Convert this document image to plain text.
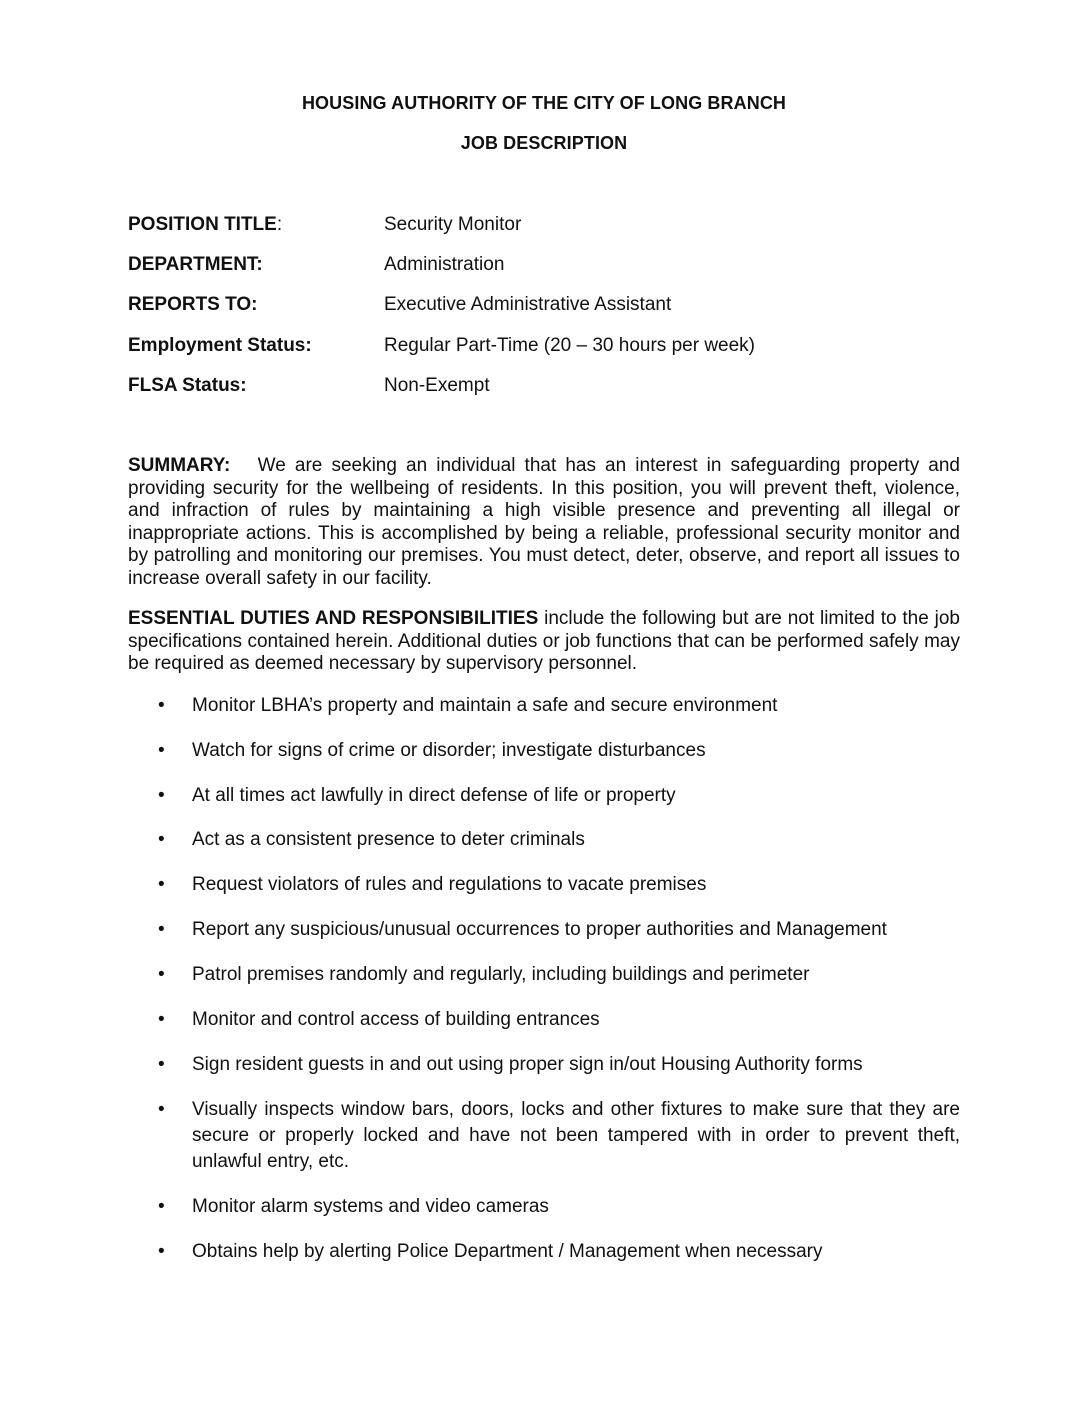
HOUSING AUTHORITY OF THE CITY OF LONG BRANCH
JOB DESCRIPTION
POSITION TITLE:	Security Monitor
DEPARTMENT:	Administration
REPORTS TO:	Executive Administrative Assistant
Employment Status:	Regular Part-Time (20 – 30 hours per week)
FLSA Status:	Non-Exempt
SUMMARY: We are seeking an individual that has an interest in safeguarding property and providing security for the wellbeing of residents. In this position, you will prevent theft, violence, and infraction of rules by maintaining a high visible presence and preventing all illegal or inappropriate actions. This is accomplished by being a reliable, professional security monitor and by patrolling and monitoring our premises. You must detect, deter, observe, and report all issues to increase overall safety in our facility.
ESSENTIAL DUTIES AND RESPONSIBILITIES include the following but are not limited to the job specifications contained herein. Additional duties or job functions that can be performed safely may be required as deemed necessary by supervisory personnel.
• Monitor LBHA’s property and maintain a safe and secure environment
• Watch for signs of crime or disorder; investigate disturbances
• At all times act lawfully in direct defense of life or property
• Act as a consistent presence to deter criminals
• Request violators of rules and regulations to vacate premises
• Report any suspicious/unusual occurrences to proper authorities and Management
• Patrol premises randomly and regularly, including buildings and perimeter
• Monitor and control access of building entrances
• Sign resident guests in and out using proper sign in/out Housing Authority forms
• Visually inspects window bars, doors, locks and other fixtures to make sure that they are secure or properly locked and have not been tampered with in order to prevent theft, unlawful entry, etc.
• Monitor alarm systems and video cameras
• Obtains help by alerting Police Department / Management when necessary
